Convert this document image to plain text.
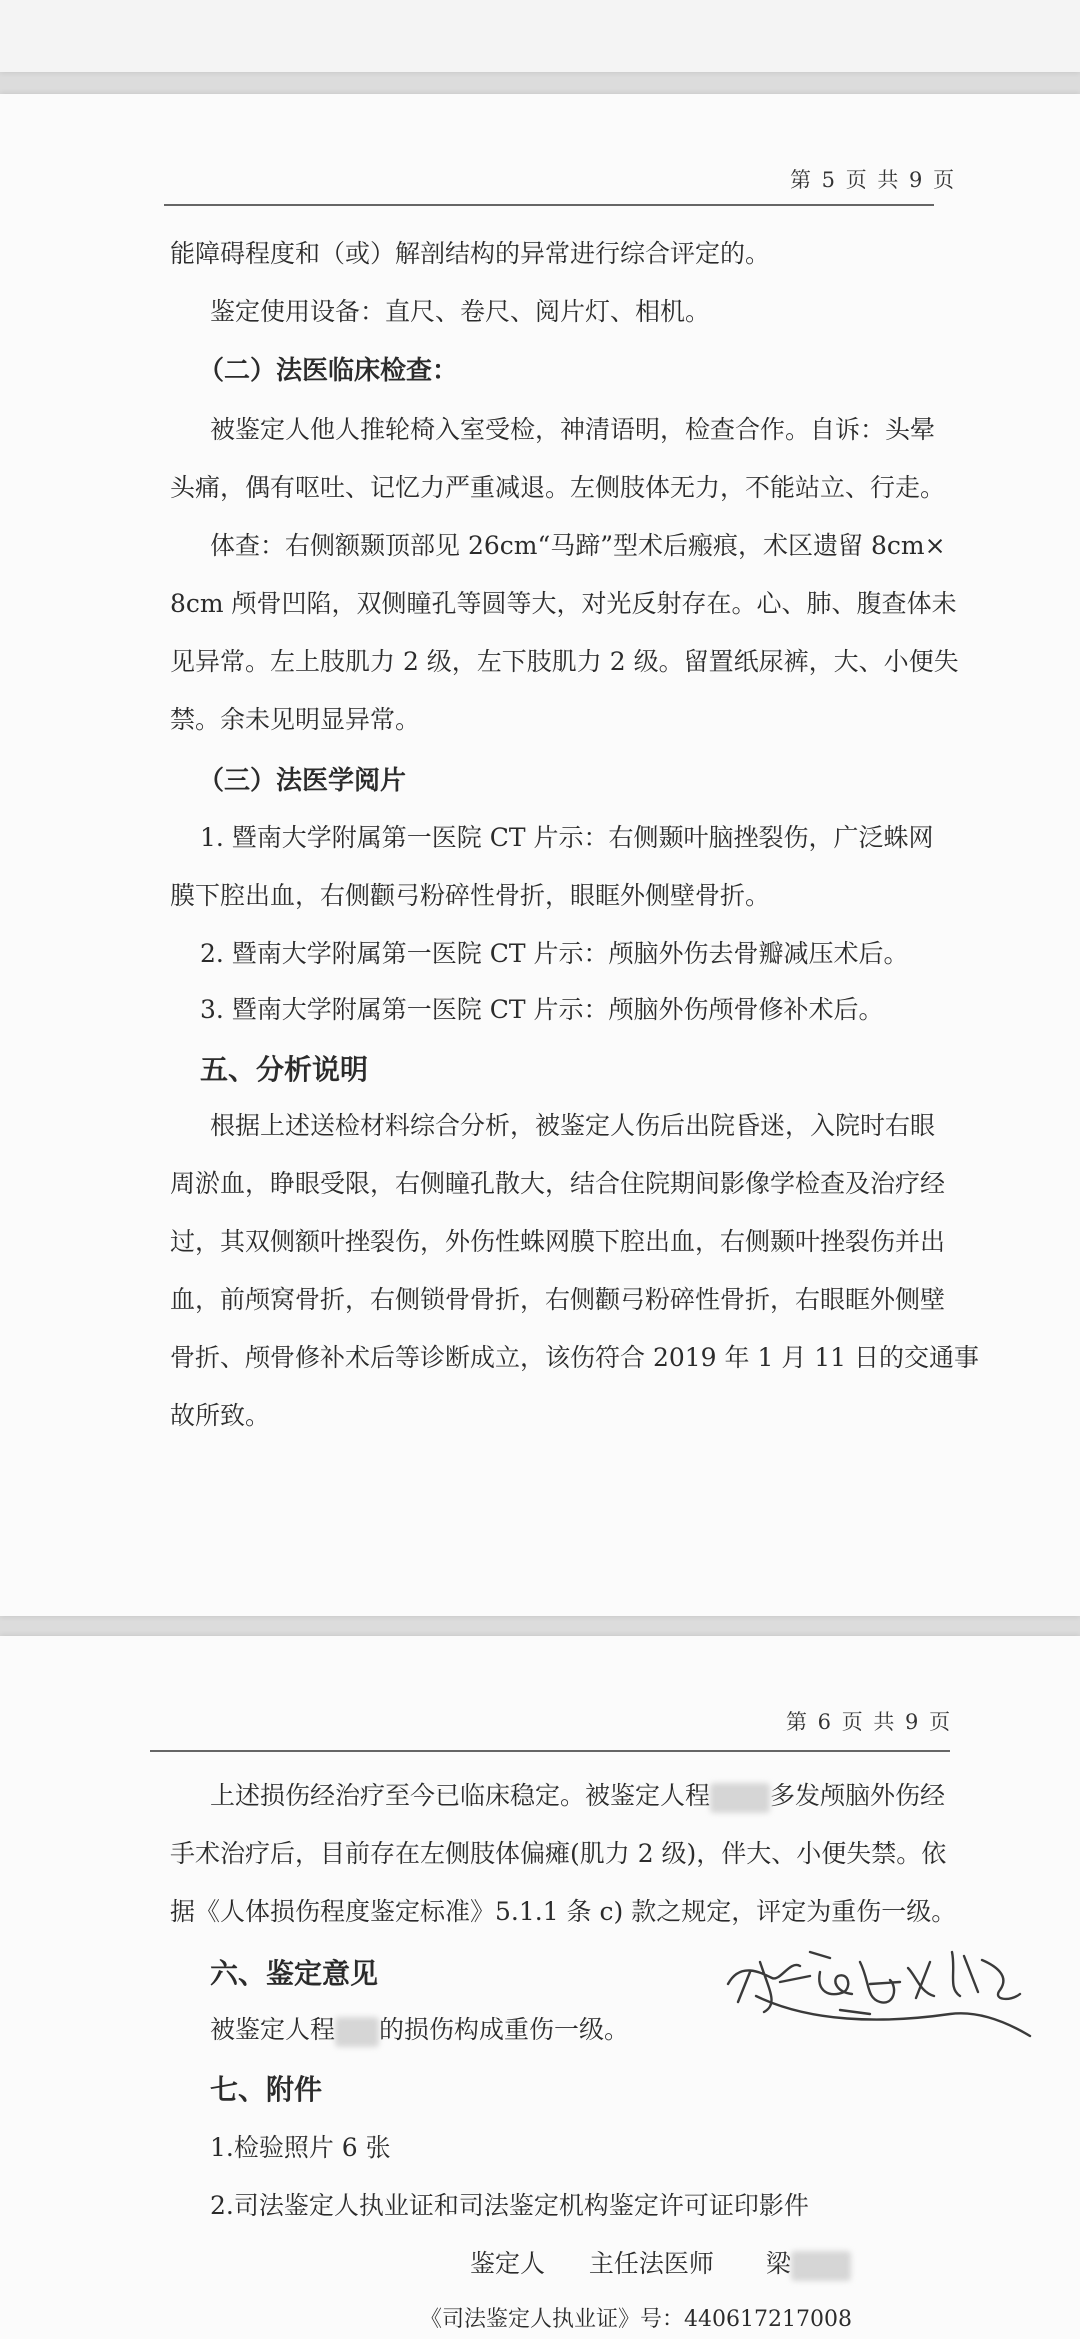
第 5 页 共 9 页
能障碍程度和（或）解剖结构的异常进行综合评定的。
鉴定使用设备：直尺、卷尺、阅片灯、相机。
（二）法医临床检查：
被鉴定人他人推轮椅入室受检，神清语明，检查合作。自诉：头晕
头痛，偶有呕吐、记忆力严重减退。左侧肢体无力，不能站立、行走。
体查：右侧额颞顶部见 26cm“马蹄”型术后瘢痕，术区遗留 8cm×
8cm 颅骨凹陷，双侧瞳孔等圆等大，对光反射存在。心、肺、腹查体未
见异常。左上肢肌力 2 级，左下肢肌力 2 级。留置纸尿裤，大、小便失
禁。余未见明显异常。
（三）法医学阅片
1. 暨南大学附属第一医院 CT 片示：右侧颞叶脑挫裂伤，广泛蛛网
膜下腔出血，右侧颧弓粉碎性骨折，眼眶外侧壁骨折。
2. 暨南大学附属第一医院 CT 片示：颅脑外伤去骨瓣减压术后。
3. 暨南大学附属第一医院 CT 片示：颅脑外伤颅骨修补术后。
五、分析说明
根据上述送检材料综合分析，被鉴定人伤后出院昏迷，入院时右眼
周淤血，睁眼受限，右侧瞳孔散大，结合住院期间影像学检查及治疗经
过，其双侧额叶挫裂伤，外伤性蛛网膜下腔出血，右侧颞叶挫裂伤并出
血，前颅窝骨折，右侧锁骨骨折，右侧颧弓粉碎性骨折，右眼眶外侧壁
骨折、颅骨修补术后等诊断成立，该伤符合 2019 年 1 月 11 日的交通事
故所致。
第 6 页 共 9 页
上述损伤经治疗至今已临床稳定。被鉴定人程 多发颅脑外伤经
手术治疗后，目前存在左侧肢体偏瘫(肌力 2 级)，伴大、小便失禁。依
据《人体损伤程度鉴定标准》5.1.1 条 c) 款之规定，评定为重伤一级。
六、鉴定意见
被鉴定人程 的损伤构成重伤一级。
七、附件
1.检验照片 6 张
2.司法鉴定人执业证和司法鉴定机构鉴定许可证印影件
鉴定人 主任法医师 梁
《司法鉴定人执业证》号：440617217008
